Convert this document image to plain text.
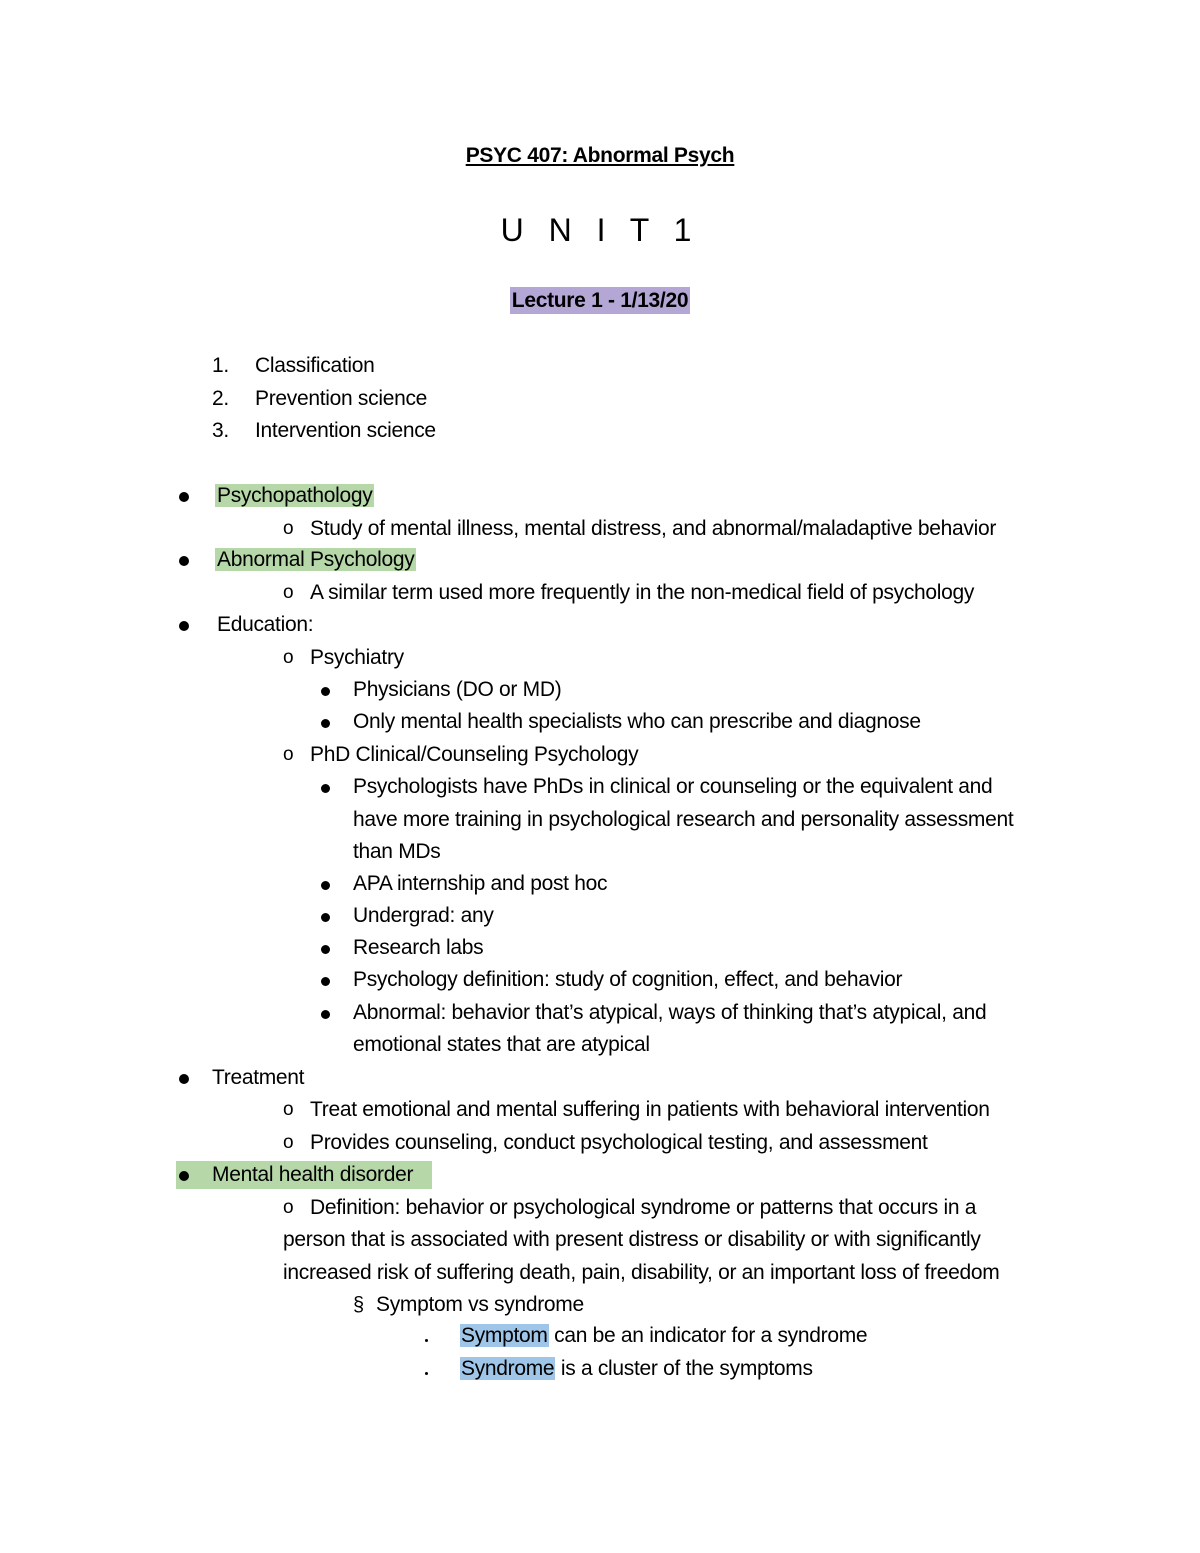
PSYC 407: Abnormal Psych
U N I T 1
Lecture 1 - 1/13/20
1. Classification
2. Prevention science
3. Intervention science
Psychopathology
o Study of mental illness, mental distress, and abnormal/maladaptive behavior
Abnormal Psychology
o A similar term used more frequently in the non-medical field of psychology
Education:
o Psychiatry
Physicians (DO or MD)
Only mental health specialists who can prescribe and diagnose
o PhD Clinical/Counseling Psychology
Psychologists have PhDs in clinical or counseling or the equivalent and
have more training in psychological research and personality assessment
than MDs
APA internship and post hoc
Undergrad: any
Research labs
Psychology definition: study of cognition, effect, and behavior
Abnormal: behavior that’s atypical, ways of thinking that’s atypical, and
emotional states that are atypical
Treatment
o Treat emotional and mental suffering in patients with behavioral intervention
o Provides counseling, conduct psychological testing, and assessment
Mental health disorder
o Definition: behavior or psychological syndrome or patterns that occurs in a
person that is associated with present distress or disability or with significantly
increased risk of suffering death, pain, disability, or an important loss of freedom
§ Symptom vs syndrome
Symptom can be an indicator for a syndrome
Syndrome is a cluster of the symptoms
